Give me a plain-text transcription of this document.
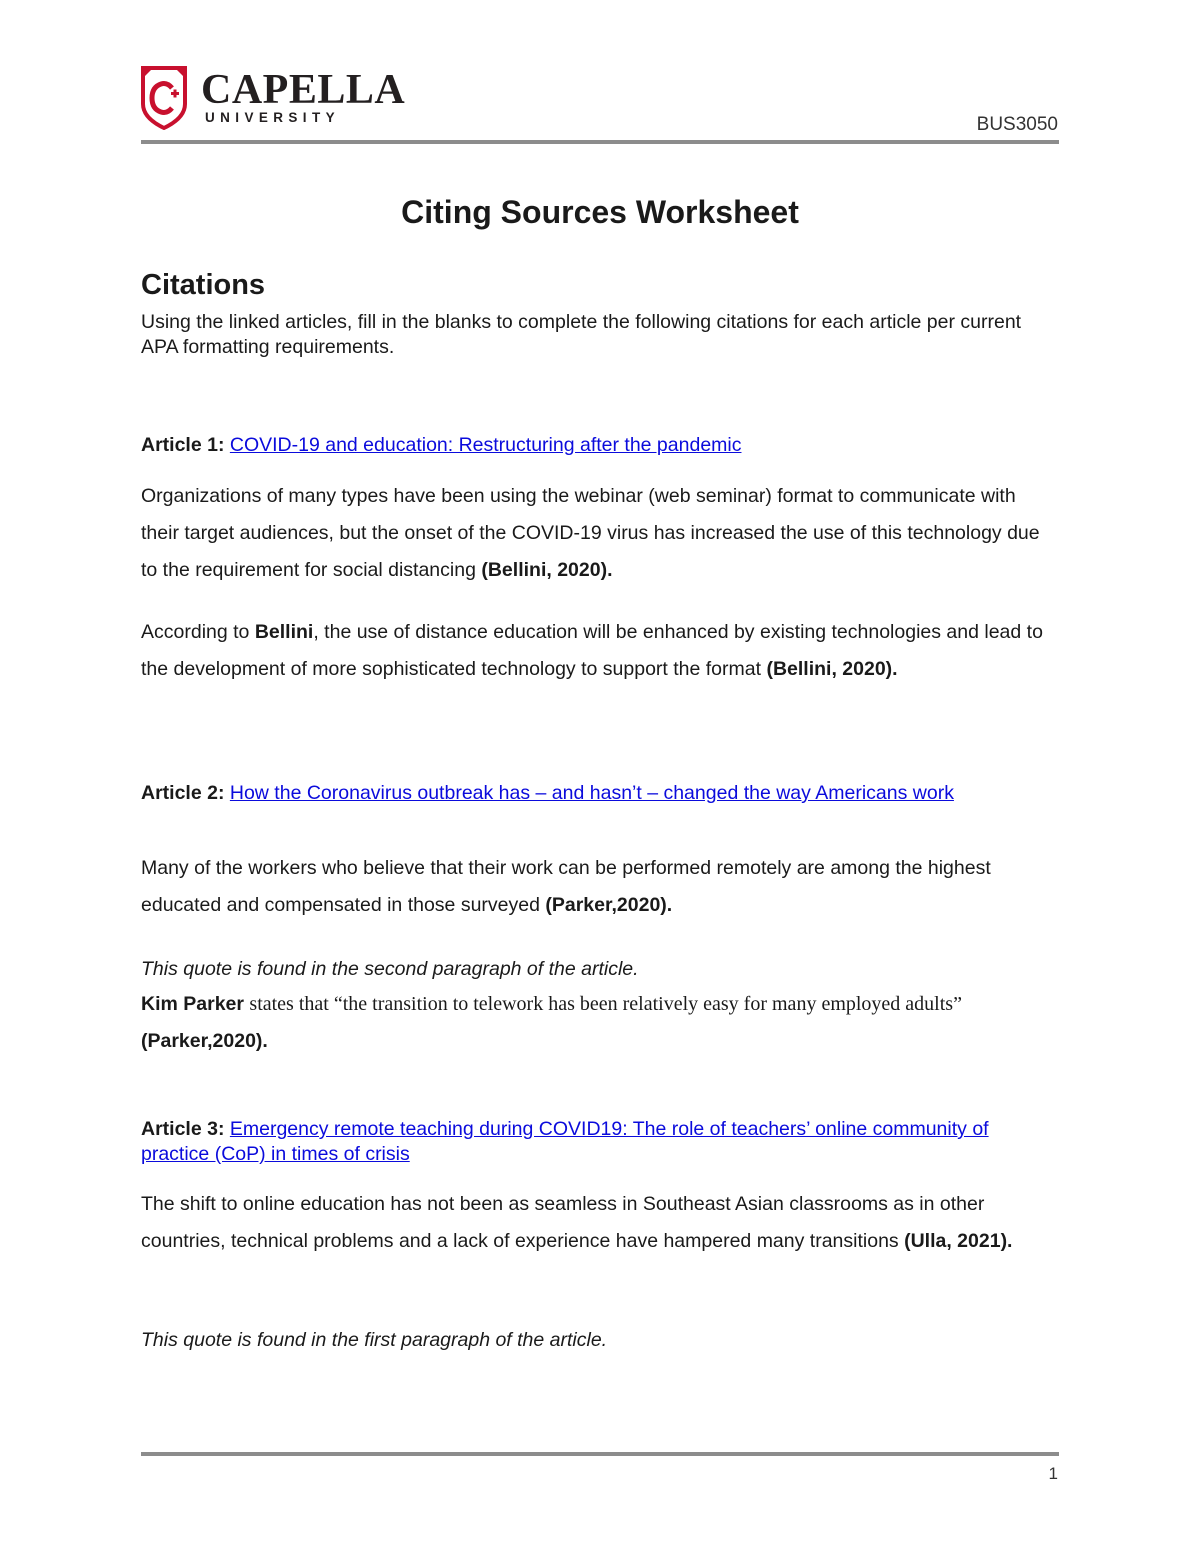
CAPELLA
UNIVERSITY	BUS3050
Citing Sources Worksheet
Citations

Using the linked articles, fill in the blanks to complete the following citations for each article per current APA formatting requirements.

Article 1: COVID-19 and education: Restructuring after the pandemic

Organizations of many types have been using the webinar (web seminar) format to communicate with their target audiences, but the onset of the COVID-19 virus has increased the use of this technology due to the requirement for social distancing (Bellini, 2020).

According to Bellini, the use of distance education will be enhanced by existing technologies and lead to the development of more sophisticated technology to support the format (Bellini, 2020).

Article 2: How the Coronavirus outbreak has – and hasn’t – changed the way Americans work

Many of the workers who believe that their work can be performed remotely are among the highest educated and compensated in those surveyed (Parker,2020).

This quote is found in the second paragraph of the article.

Kim Parker states that “the transition to telework has been relatively easy for many employed adults” (Parker,2020).

Article 3: Emergency remote teaching during COVID19: The role of teachers’ online community of practice (CoP) in times of crisis

The shift to online education has not been as seamless in Southeast Asian classrooms as in other countries, technical problems and a lack of experience have hampered many transitions (Ulla, 2021).

This quote is found in the first paragraph of the article.

1
